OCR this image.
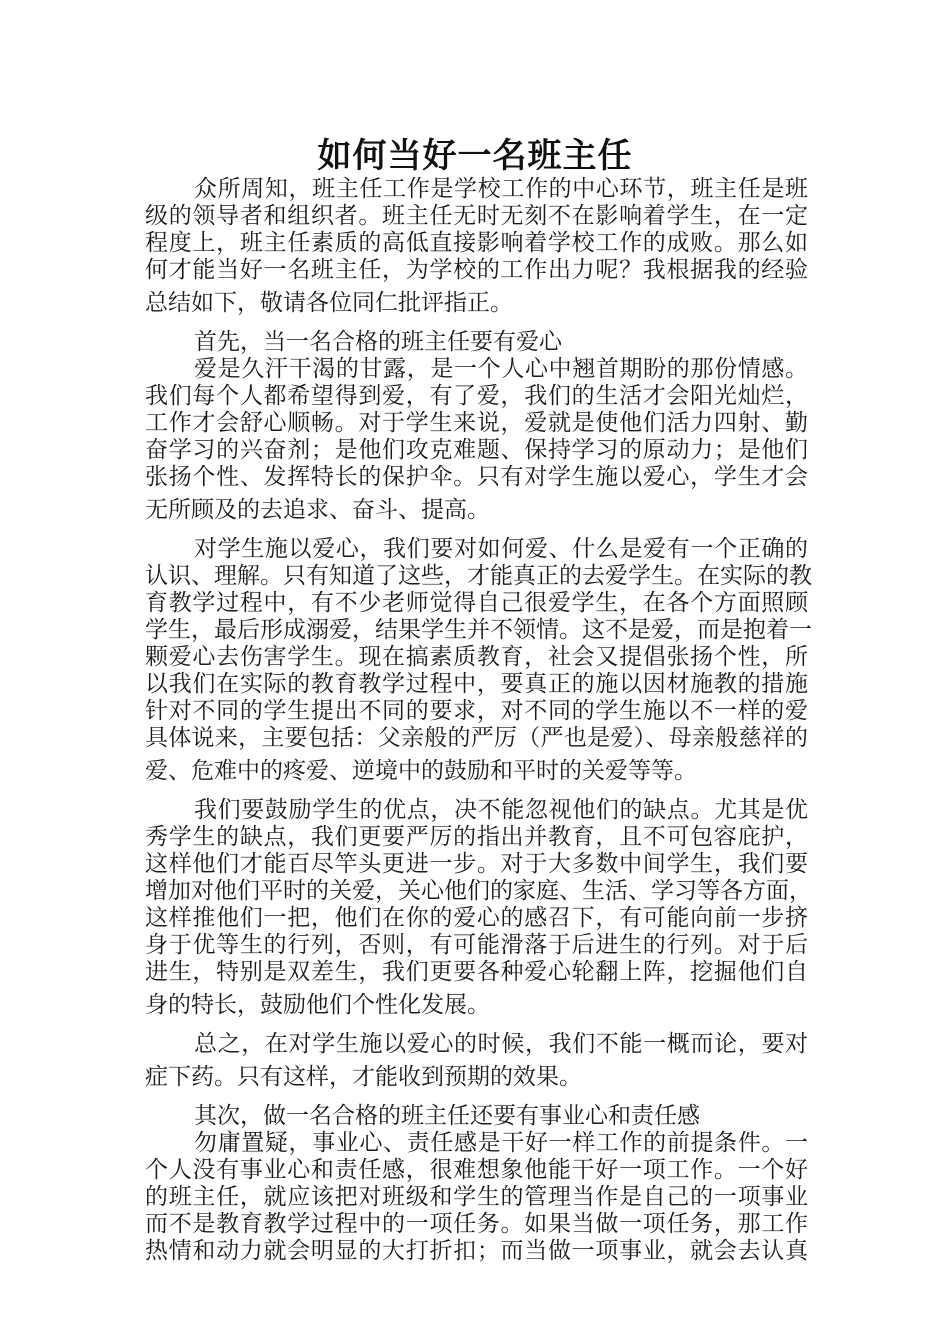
如何当好一名班主任
众所周知，班主任工作是学校工作的中心环节，班主任是班
级的领导者和组织者。班主任无时无刻不在影响着学生，在一定
程度上，班主任素质的高低直接影响着学校工作的成败。那么如
何才能当好一名班主任，为学校的工作出力呢？我根据我的经验
总结如下，敬请各位同仁批评指正。
首先，当一名合格的班主任要有爱心
爱是久汗干渴的甘露，是一个人心中翘首期盼的那份情感。
我们每个人都希望得到爱，有了爱，我们的生活才会阳光灿烂，
工作才会舒心顺畅。对于学生来说，爱就是使他们活力四射、勤
奋学习的兴奋剂；是他们攻克难题、保持学习的原动力；是他们
张扬个性、发挥特长的保护伞。只有对学生施以爱心，学生才会
无所顾及的去追求、奋斗、提高。
对学生施以爱心，我们要对如何爱、什么是爱有一个正确的
认识、理解。只有知道了这些，才能真正的去爱学生。在实际的教
育教学过程中，有不少老师觉得自己很爱学生，在各个方面照顾
学生，最后形成溺爱，结果学生并不领情。这不是爱，而是抱着一
颗爱心去伤害学生。现在搞素质教育，社会又提倡张扬个性，所
以我们在实际的教育教学过程中，要真正的施以因材施教的措施
针对不同的学生提出不同的要求，对不同的学生施以不一样的爱
具体说来，主要包括：父亲般的严厉（严也是爱）、母亲般慈祥的
爱、危难中的疼爱、逆境中的鼓励和平时的关爱等等。
我们要鼓励学生的优点，决不能忽视他们的缺点。尤其是优
秀学生的缺点，我们更要严厉的指出并教育，且不可包容庇护，
这样他们才能百尽竿头更进一步。对于大多数中间学生，我们要
增加对他们平时的关爱，关心他们的家庭、生活、学习等各方面，
这样推他们一把，他们在你的爱心的感召下，有可能向前一步挤
身于优等生的行列，否则，有可能滑落于后进生的行列。对于后
进生，特别是双差生，我们更要各种爱心轮翻上阵，挖掘他们自
身的特长，鼓励他们个性化发展。
总之，在对学生施以爱心的时候，我们不能一概而论，要对
症下药。只有这样，才能收到预期的效果。
其次，做一名合格的班主任还要有事业心和责任感
勿庸置疑，事业心、责任感是干好一样工作的前提条件。一
个人没有事业心和责任感，很难想象他能干好一项工作。一个好
的班主任，就应该把对班级和学生的管理当作是自己的一项事业
而不是教育教学过程中的一项任务。如果当做一项任务，那工作
热情和动力就会明显的大打折扣；而当做一项事业，就会去认真
